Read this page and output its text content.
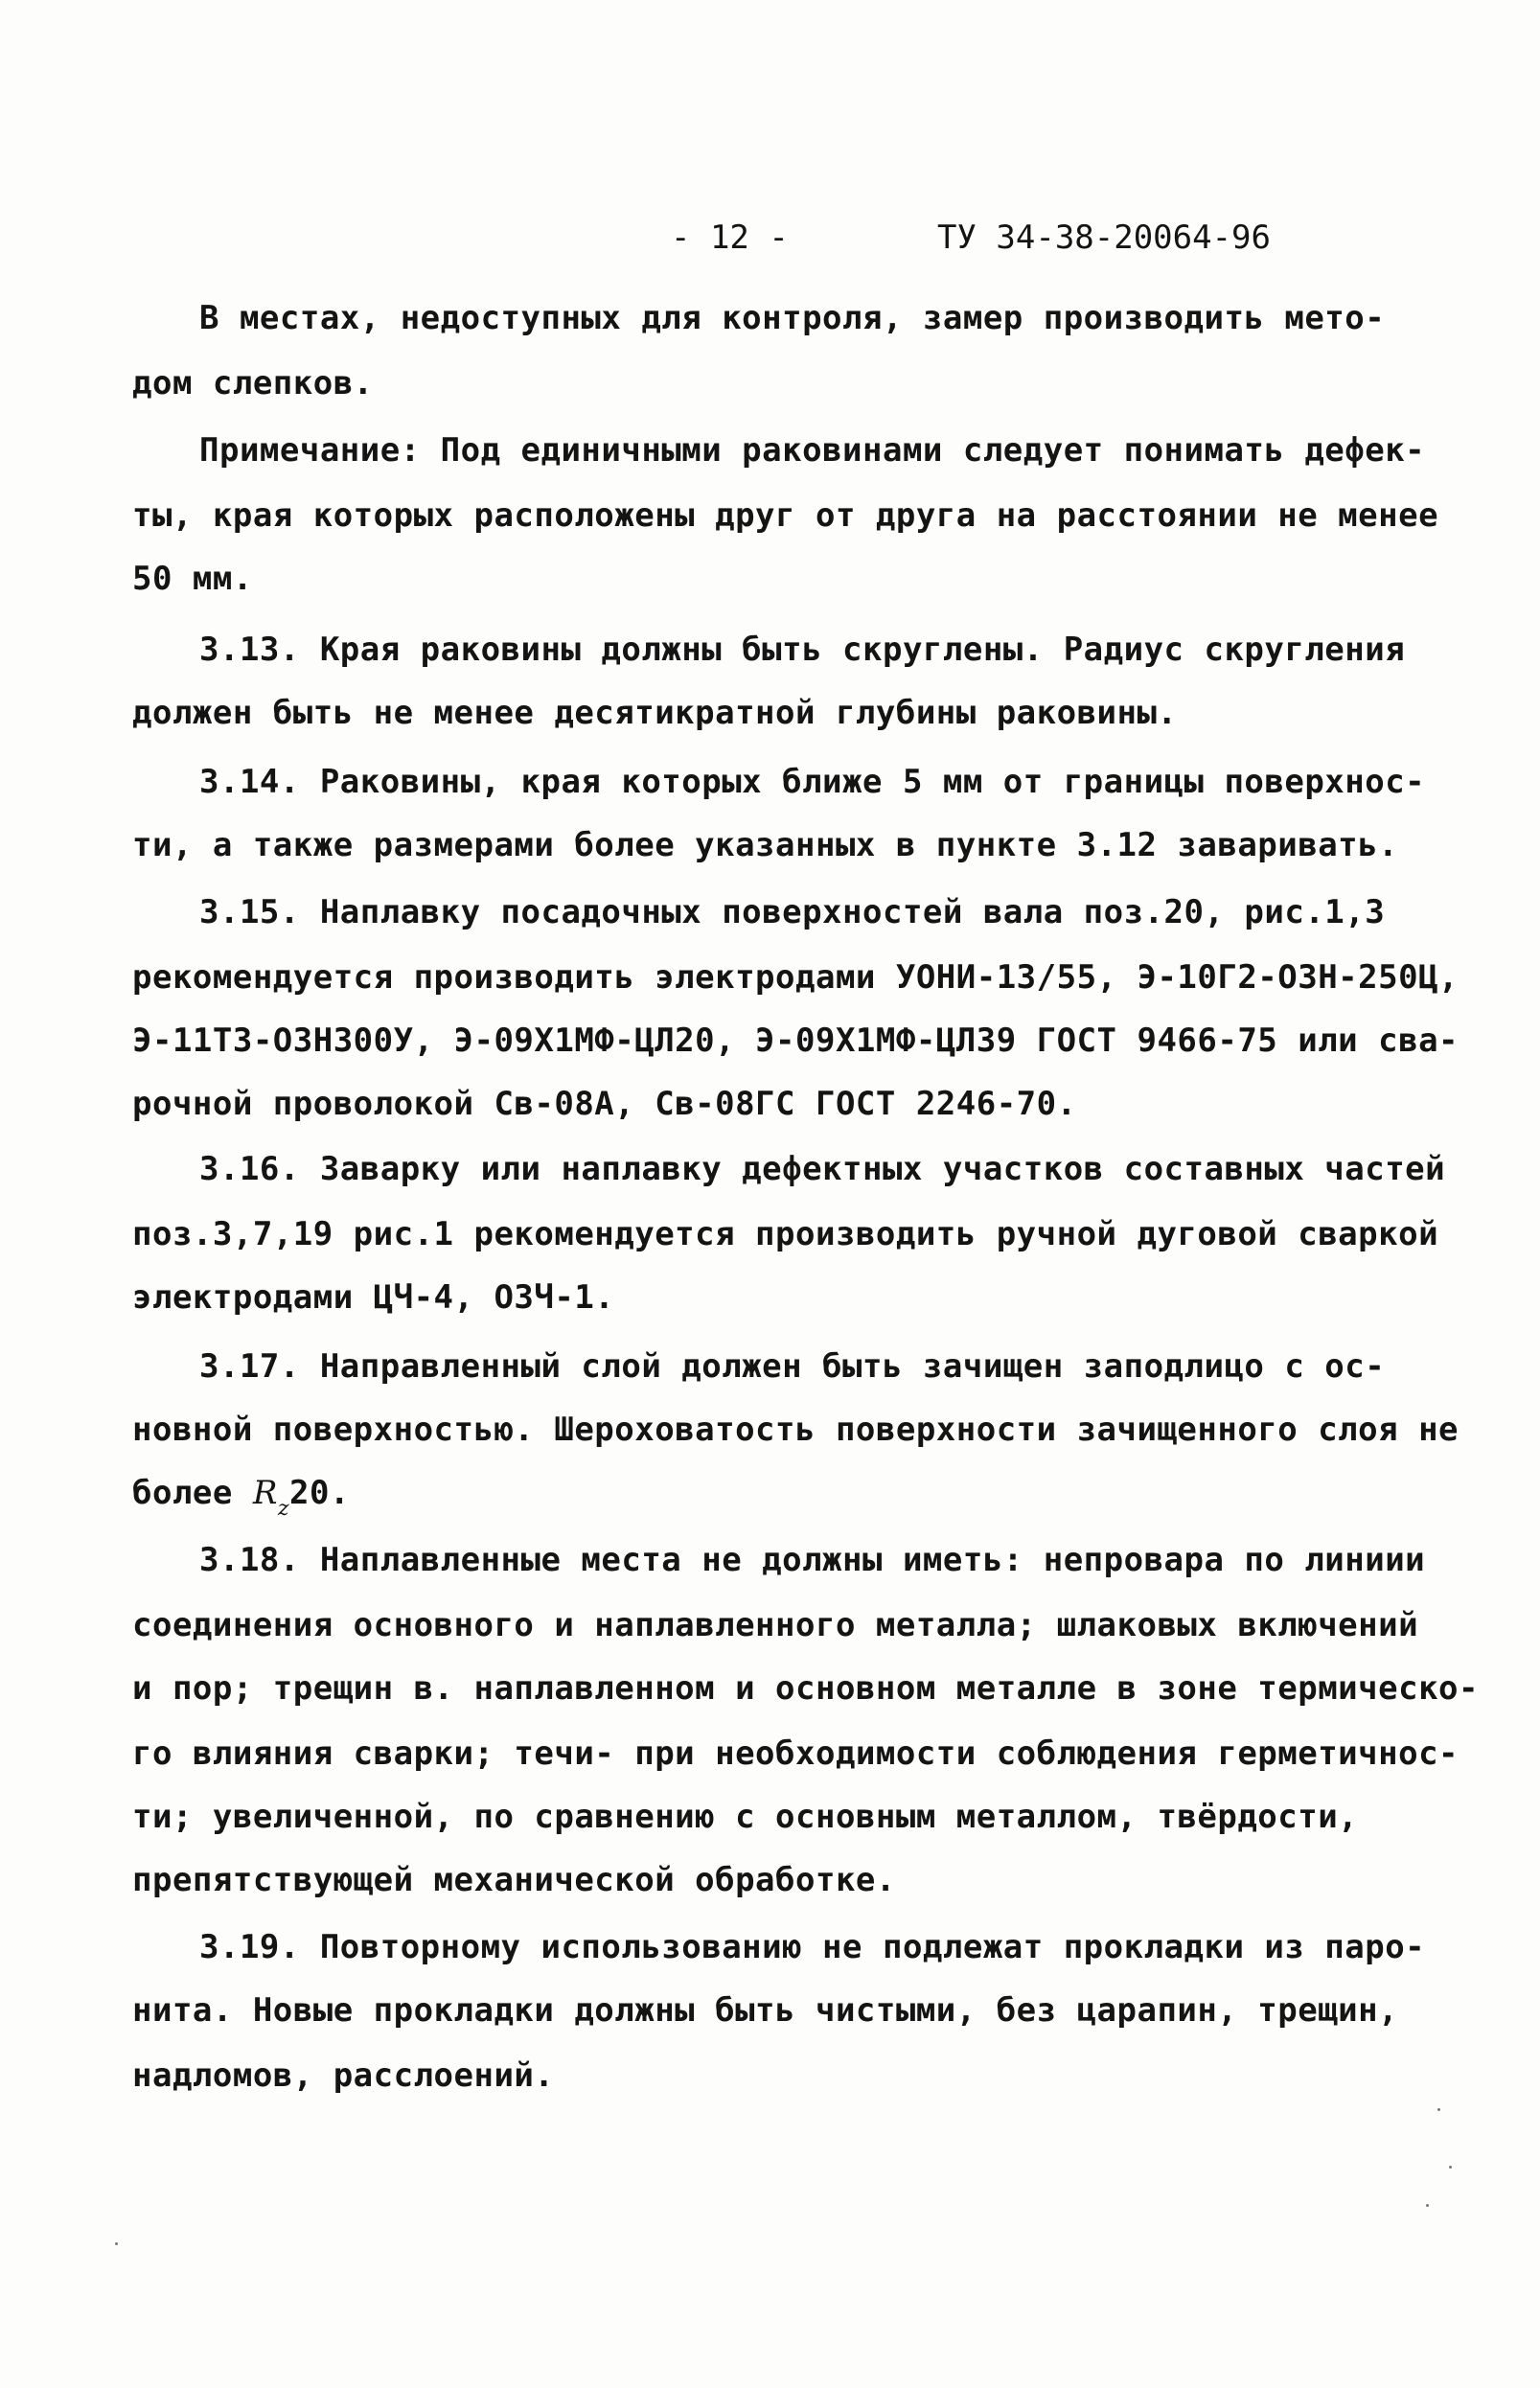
- 12 -	ТУ 34-38-20064-96
В местах, недоступных для контроля, замер производить мето-
дом слепков.
Примечание: Под единичными раковинами следует понимать дефек-
ты, края которых расположены друг от друга на расстоянии не менее
50 мм.
3.13. Края раковины должны быть скруглены. Радиус скругления
должен быть не менее десятикратной глубины раковины.
3.14. Раковины, края которых ближе 5 мм от границы поверхнос-
ти, а также размерами более указанных в пункте 3.12 заваривать.
3.15. Наплавку посадочных поверхностей вала поз.20, рис.1,3
рекомендуется производить электродами УОНИ-13/55, Э-10Г2-ОЗН-250Ц,
Э-11ТЗ-ОЗН300У, Э-09Х1МФ-ЦЛ20, Э-09Х1МФ-ЦЛ39 ГОСТ 9466-75 или сва-
рочной проволокой Св-08А, Св-08ГС ГОСТ 2246-70.
3.16. Заварку или наплавку дефектных участков составных частей
поз.3,7,19 рис.1 рекомендуется производить ручной дуговой сваркой
электродами ЦЧ-4, ОЗЧ-1.
3.17. Направленный слой должен быть зачищен заподлицо с ос-
новной поверхностью. Шероховатость поверхности зачищенного слоя не
более $R_z20$.
3.18. Наплавленные места не должны иметь: непровара по линиии
соединения основного и наплавленного металла; шлаковых включений
и пор; трещин в. наплавленном и основном металле в зоне термическо-
го влияния сварки; течи- при необходимости соблюдения герметичнос-
ти; увеличенной, по сравнению с основным металлом, твёрдости,
препятствующей механической обработке.
3.19. Повторному использованию не подлежат прокладки из паро-
нита. Новые прокладки должны быть чистыми, без царапин, трещин,
надломов, расслоений.
